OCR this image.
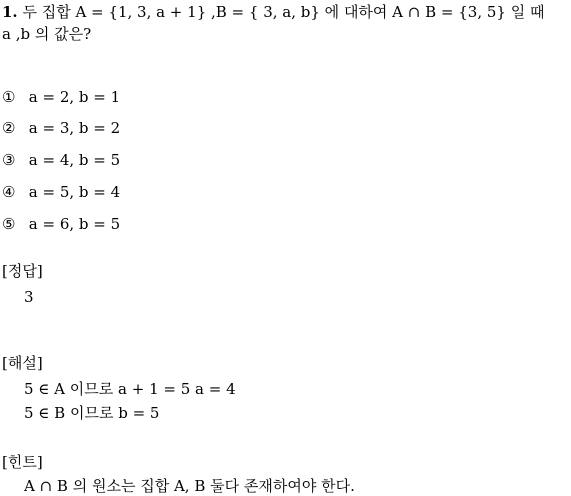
1. 두 집합 A = {1, 3, a + 1} ,B = { 3, a, b} 에 대하여 A ∩ B = {3, 5} 일 때
a ,b 의 값은?
① a = 2, b = 1
② a = 3, b = 2
③ a = 4, b = 5
④ a = 5, b = 4
⑤ a = 6, b = 5
[정답]
3
[해설]
5 ∈ A 이므로 a + 1 = 5 a = 4
5 ∈ B 이므로 b = 5
[힌트]
A ∩ B 의 원소는 집합 A, B 둘다 존재하여야 한다.
